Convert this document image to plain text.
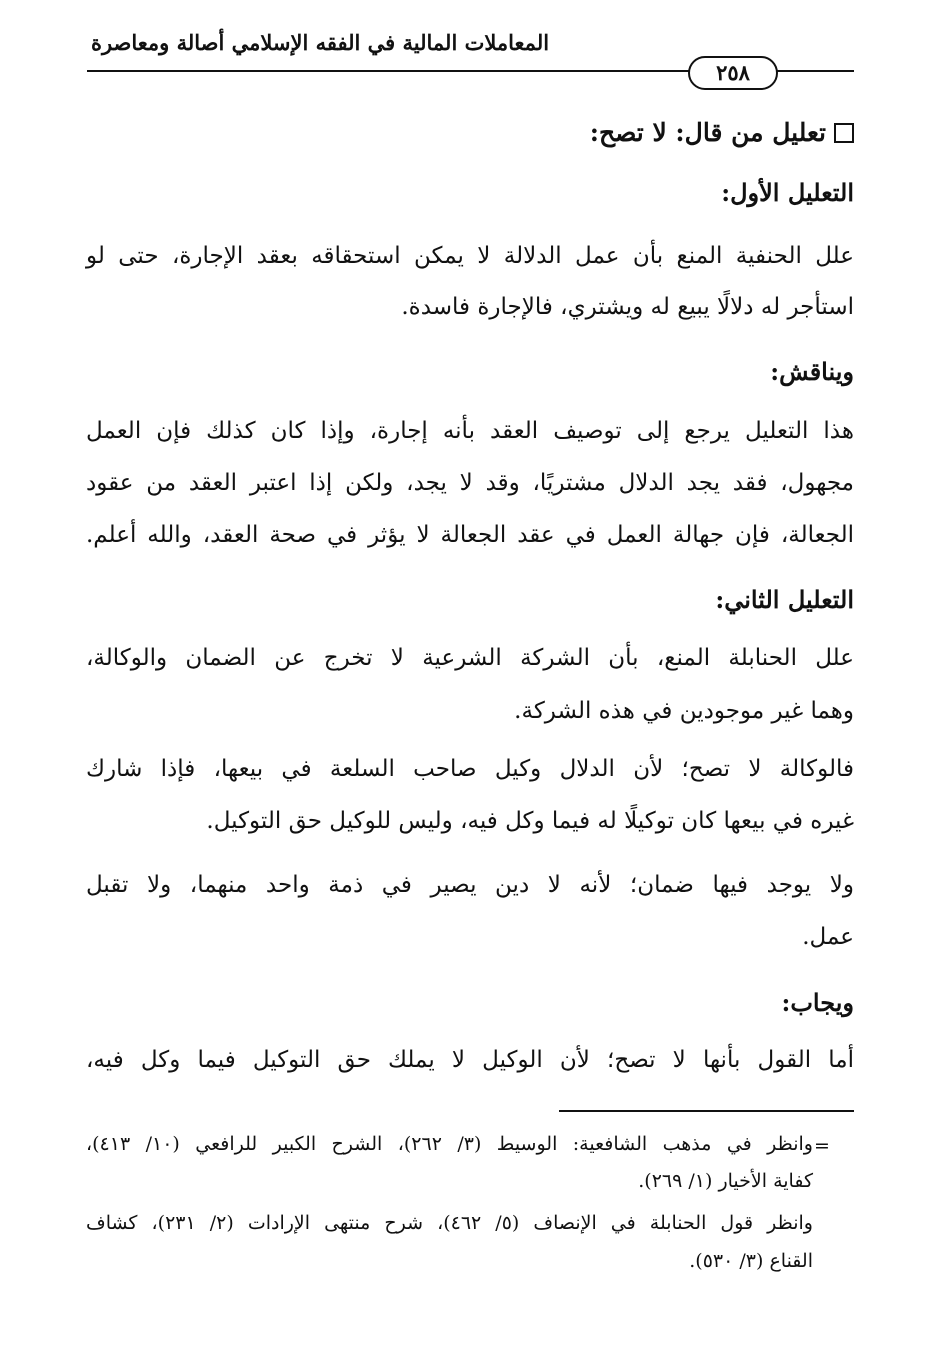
المعاملات المالية في الفقه الإسلامي أصالة ومعاصرة
٢٥٨
تعليل من قال: لا تصح:
التعليل الأول:
علل الحنفية المنع بأن عمل الدلالة لا يمكن استحقاقه بعقد الإجارة، حتى لو
استأجر له دلالًا يبيع له ويشتري، فالإجارة فاسدة.
ويناقش:
هذا التعليل يرجع إلى توصيف العقد بأنه إجارة، وإذا كان كذلك فإن العمل
مجهول، فقد يجد الدلال مشتريًا، وقد لا يجد، ولكن إذا اعتبر العقد من عقود
الجعالة، فإن جهالة العمل في عقد الجعالة لا يؤثر في صحة العقد، والله أعلم.
التعليل الثاني:
علل الحنابلة المنع، بأن الشركة الشرعية لا تخرج عن الضمان والوكالة،
وهما غير موجودين في هذه الشركة.
فالوكالة لا تصح؛ لأن الدلال وكيل صاحب السلعة في بيعها، فإذا شارك
غيره في بيعها كان توكيلًا له فيما وكل فيه، وليس للوكيل حق التوكيل.
ولا يوجد فيها ضمان؛ لأنه لا دين يصير في ذمة واحد منهما، ولا تقبل
عمل.
ويجاب:
أما القول بأنها لا تصح؛ لأن الوكيل لا يملك حق التوكيل فيما وكل فيه،
=
وانظر في مذهب الشافعية: الوسيط (٣/ ٢٦٢)، الشرح الكبير للرافعي (١٠/ ٤١٣)،
كفاية الأخيار (١/ ٢٦٩).
وانظر قول الحنابلة في الإنصاف (٥/ ٤٦٢)، شرح منتهى الإرادات (٢/ ٢٣١)، كشاف
القناع (٣/ ٥٣٠).
